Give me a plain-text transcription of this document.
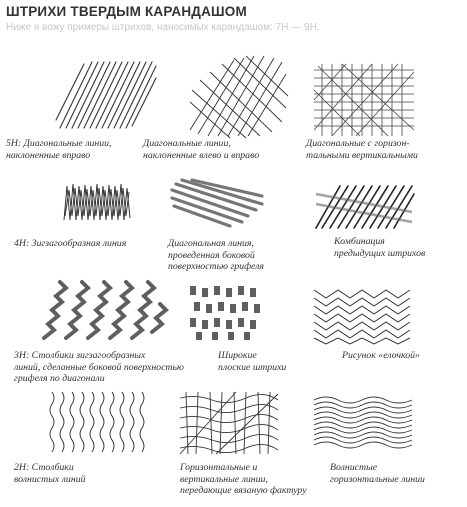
ШТРИХИ ТВЕРДЫМ КАРАНДАШОМ
Ниже я вожу примеры штрихов, наносимых карандашом: 7Н — 9Н.
5Н: Диагональные линии,
наклоненные вправо
Диагональные линии,
наклоненные влево и вправо
Диагональные с горизон-
тальными вертикальными
4Н: Зигзагообразная линия	Диагональная линия,
проведенная боковой
поверхностью грифеля
Комбинация
предыдущих штрихов
3Н: Столбики зигзагообразных
линий, сделанные боковой поверхностью
грифеля по диагонали
Широкие
плоские штрихи
Рисунок «елочкой»
2Н: Столбики
волнистых линий
Горизонтальные и
вертикальные линии,
передающие вязаную фактуру
Волнистые
горизонтальные линии
